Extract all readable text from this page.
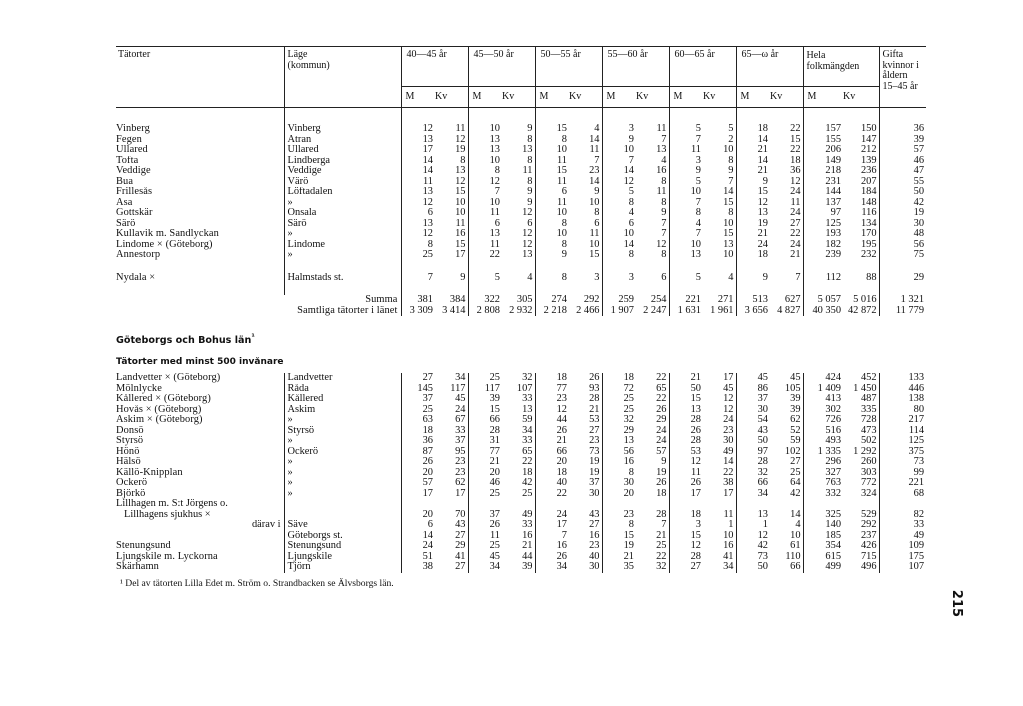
Tätorter	Läge
(kommun)	40—45 år		45—50 år		50—55 år		55—60 år		60—65 år		65—ω år		Hela folkmängden		Gifta kvinnor i åldern 15–45 år
		M	Kv	M	Kv	M	Kv	M	Kv	M	Kv	M	Kv	M	Kv	

Vinberg	Vinberg	12	11	10	9	15	4	3	11	5	5	18	22	157	150	36
Fegen	Ätran	13	12	13	8	8	14	9	7	7	2	14	15	155	147	39
Ullared	Ullared	17	19	13	13	10	11	10	13	11	10	21	22	206	212	57
Tofta	Lindberga	14	8	10	8	11	7	7	4	3	8	14	18	149	139	46
Veddige	Veddige	14	13	8	11	15	23	14	16	9	9	21	36	218	236	47
Bua	Värö	11	12	12	8	11	14	12	8	5	7	9	12	231	207	55
Frillesås	Löftadalen	13	15	7	9	6	9	5	11	10	14	15	24	144	184	50
Åsa	»	12	10	10	9	11	10	8	8	7	15	12	11	137	148	42
Gottskär	Onsala	6	10	11	12	10	8	4	9	8	8	13	24	97	116	19
Särö	Särö	13	11	6	6	8	6	6	7	4	10	19	27	125	134	30
Kullavik m. Sandlyckan	»	12	16	13	12	10	11	10	7	7	15	21	22	193	170	48
Lindome × (Göteborg)	Lindome	8	15	11	12	8	10	14	12	10	13	24	24	182	195	56
Annestorp	»	25	17	22	13	9	15	8	8	13	10	18	21	239	232	75

Nydala ×	Halmstads st.	7	9	5	4	8	3	3	6	5	4	9	7	112	88	29

Summa		381	384	322	305	274	292	259	254	221	271	513	627	5 057	5 016	1 321
Samtliga tätorter i länet		3 309	3 414	2 808	2 932	2 218	2 466	1 907	2 247	1 631	1 961	3 656	4 827	40 350	42 872	11 779
Göteborgs och Bohus län$^{^1}$
Tätorter med minst 500 invånare																
Landvetter × (Göteborg)	Landvetter	27	34	25	32	18	26	18	22	21	17	45	45	424	452	133
Mölnlycke	Råda	145	117	117	107	77	93	72	65	50	45	86	105	1 409	1 450	446
Kållered × (Göteborg)	Kållered	37	45	39	33	23	28	25	22	15	12	37	39	413	487	138
Hovås × (Göteborg)	Askim	25	24	15	13	12	21	25	26	13	12	30	39	302	335	80
Askim × (Göteborg)	»	63	67	66	59	44	53	32	29	28	24	54	62	726	728	217
Donsö	Styrsö	18	33	28	34	26	27	29	24	26	23	43	52	516	473	114
Styrsö	»	36	37	31	33	21	23	13	24	28	30	50	59	493	502	125
Hönö	Öckerö	87	95	77	65	66	73	56	57	53	49	97	102	1 335	1 292	375
Hälsö	»	26	23	21	22	20	19	16	9	12	14	28	27	296	260	73
Källö-Knipplan	»	20	23	20	18	18	19	8	19	11	22	32	25	327	303	99
Öckerö	»	57	62	46	42	40	37	30	26	26	38	66	64	763	772	221
Björkö	»	17	17	25	25	22	30	20	18	17	17	34	42	332	324	68

Lillhagen m. S:t Jörgens o.
Lillhagens sjukhus ×		20	70	37	49	24	43	23	28	18	11	13	14	325	529	82
därav i	Säve	6	43	26	33	17	27	8	7	3	1	1	4	140	292	33
	Göteborgs st.	14	27	11	16	7	16	15	21	15	10	12	10	185	237	49
Stenungsund	Stenungsund	24	29	25	21	16	23	19	25	12	16	42	61	354	426	109
Ljungskile m. Lyckorna	Ljungskile	51	41	45	44	26	40	21	22	28	41	73	110	615	715	175
Skärhamn	Tjörn	38	27	34	39	34	30	35	32	27	34	50	66	499	496	107
¹ Del av tätorten Lilla Edet m. Ström o. Strandbacken se Älvsborgs län.																
215
